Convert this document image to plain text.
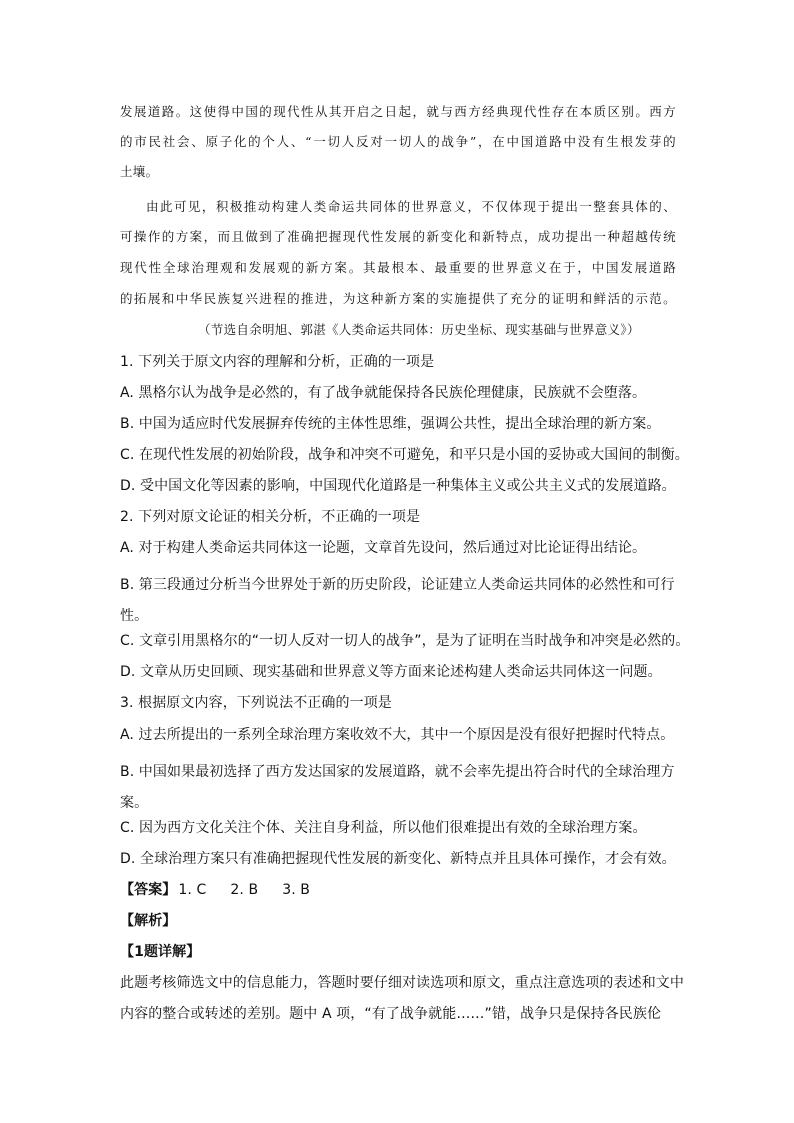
发展道路。这使得中国的现代性从其开启之日起，就与西方经典现代性存在本质区别。西方
的市民社会、原子化的个人、“一切人反对一切人的战争”，在中国道路中没有生根发芽的
土壤。
由此可见，积极推动构建人类命运共同体的世界意义，不仅体现于提出一整套具体的、
可操作的方案，而且做到了准确把握现代性发展的新变化和新特点，成功提出一种超越传统
现代性全球治理观和发展观的新方案。其最根本、最重要的世界意义在于，中国发展道路
的拓展和中华民族复兴进程的推进，为这种新方案的实施提供了充分的证明和鲜活的示范。
（节选自余明旭、郭湛《人类命运共同体：历史坐标、现实基础与世界意义》）
1. 下列关于原文内容的理解和分析，正确的一项是
A. 黑格尔认为战争是必然的，有了战争就能保持各民族伦理健康，民族就不会堕落。
B. 中国为适应时代发展摒弃传统的主体性思维，强调公共性，提出全球治理的新方案。
C. 在现代性发展的初始阶段，战争和冲突不可避免，和平只是小国的妥协或大国间的制衡。
D. 受中国文化等因素的影响，中国现代化道路是一种集体主义或公共主义式的发展道路。
2. 下列对原文论证的相关分析，不正确的一项是
A. 对于构建人类命运共同体这一论题，文章首先设问，然后通过对比论证得出结论。
B. 第三段通过分析当今世界处于新的历史阶段，论证建立人类命运共同体的必然性和可行性。
C. 文章引用黑格尔的“一切人反对一切人的战争”，是为了证明在当时战争和冲突是必然的。
D. 文章从历史回顾、现实基础和世界意义等方面来论述构建人类命运共同体这一问题。
3. 根据原文内容，下列说法不正确的一项是
A. 过去所提出的一系列全球治理方案收效不大，其中一个原因是没有很好把握时代特点。
B. 中国如果最初选择了西方发达国家的发展道路，就不会率先提出符合时代的全球治理方案。
C. 因为西方文化关注个体、关注自身利益，所以他们很难提出有效的全球治理方案。
D. 全球治理方案只有准确把握现代性发展的新变化、新特点并且具体可操作，才会有效。
【答案】 1. C 2. B 3. B
【解析】
【1题详解】
此题考核筛选文中的信息能力，答题时要仔细对读选项和原文，重点注意选项的表述和文中
内容的整合或转述的差别。题中 A 项，“有了战争就能……”错，战争只是保持各民族伦
